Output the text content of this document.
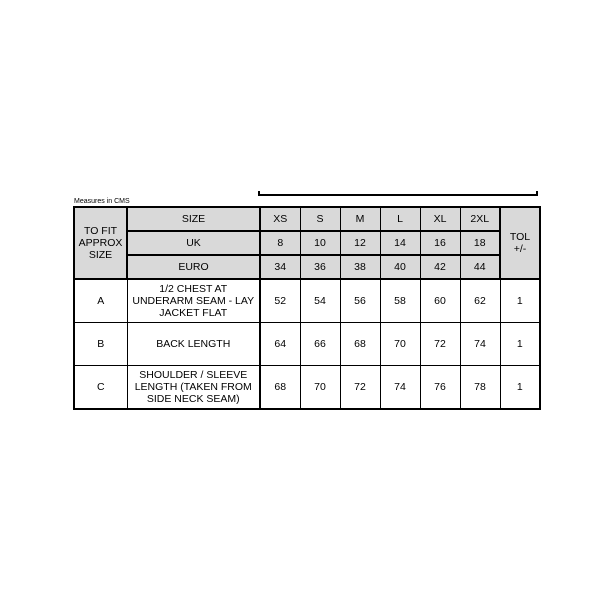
Measures in CMS
TO FIT
APPROX
SIZE	SIZE	XS	S	M	L	XL	2XL	TOL +/-
	UK	8	10	12	14	16	18	
	EURO	34	36	38	40	42	44	
A	1/2 CHEST AT
UNDERARM SEAM - LAY
JACKET FLAT	52	54	56	58	60	62	1
B	BACK LENGTH	64	66	68	70	72	74	1
C	SHOULDER / SLEEVE
LENGTH (TAKEN FROM
SIDE NECK SEAM)	68	70	72	74	76	78	1
